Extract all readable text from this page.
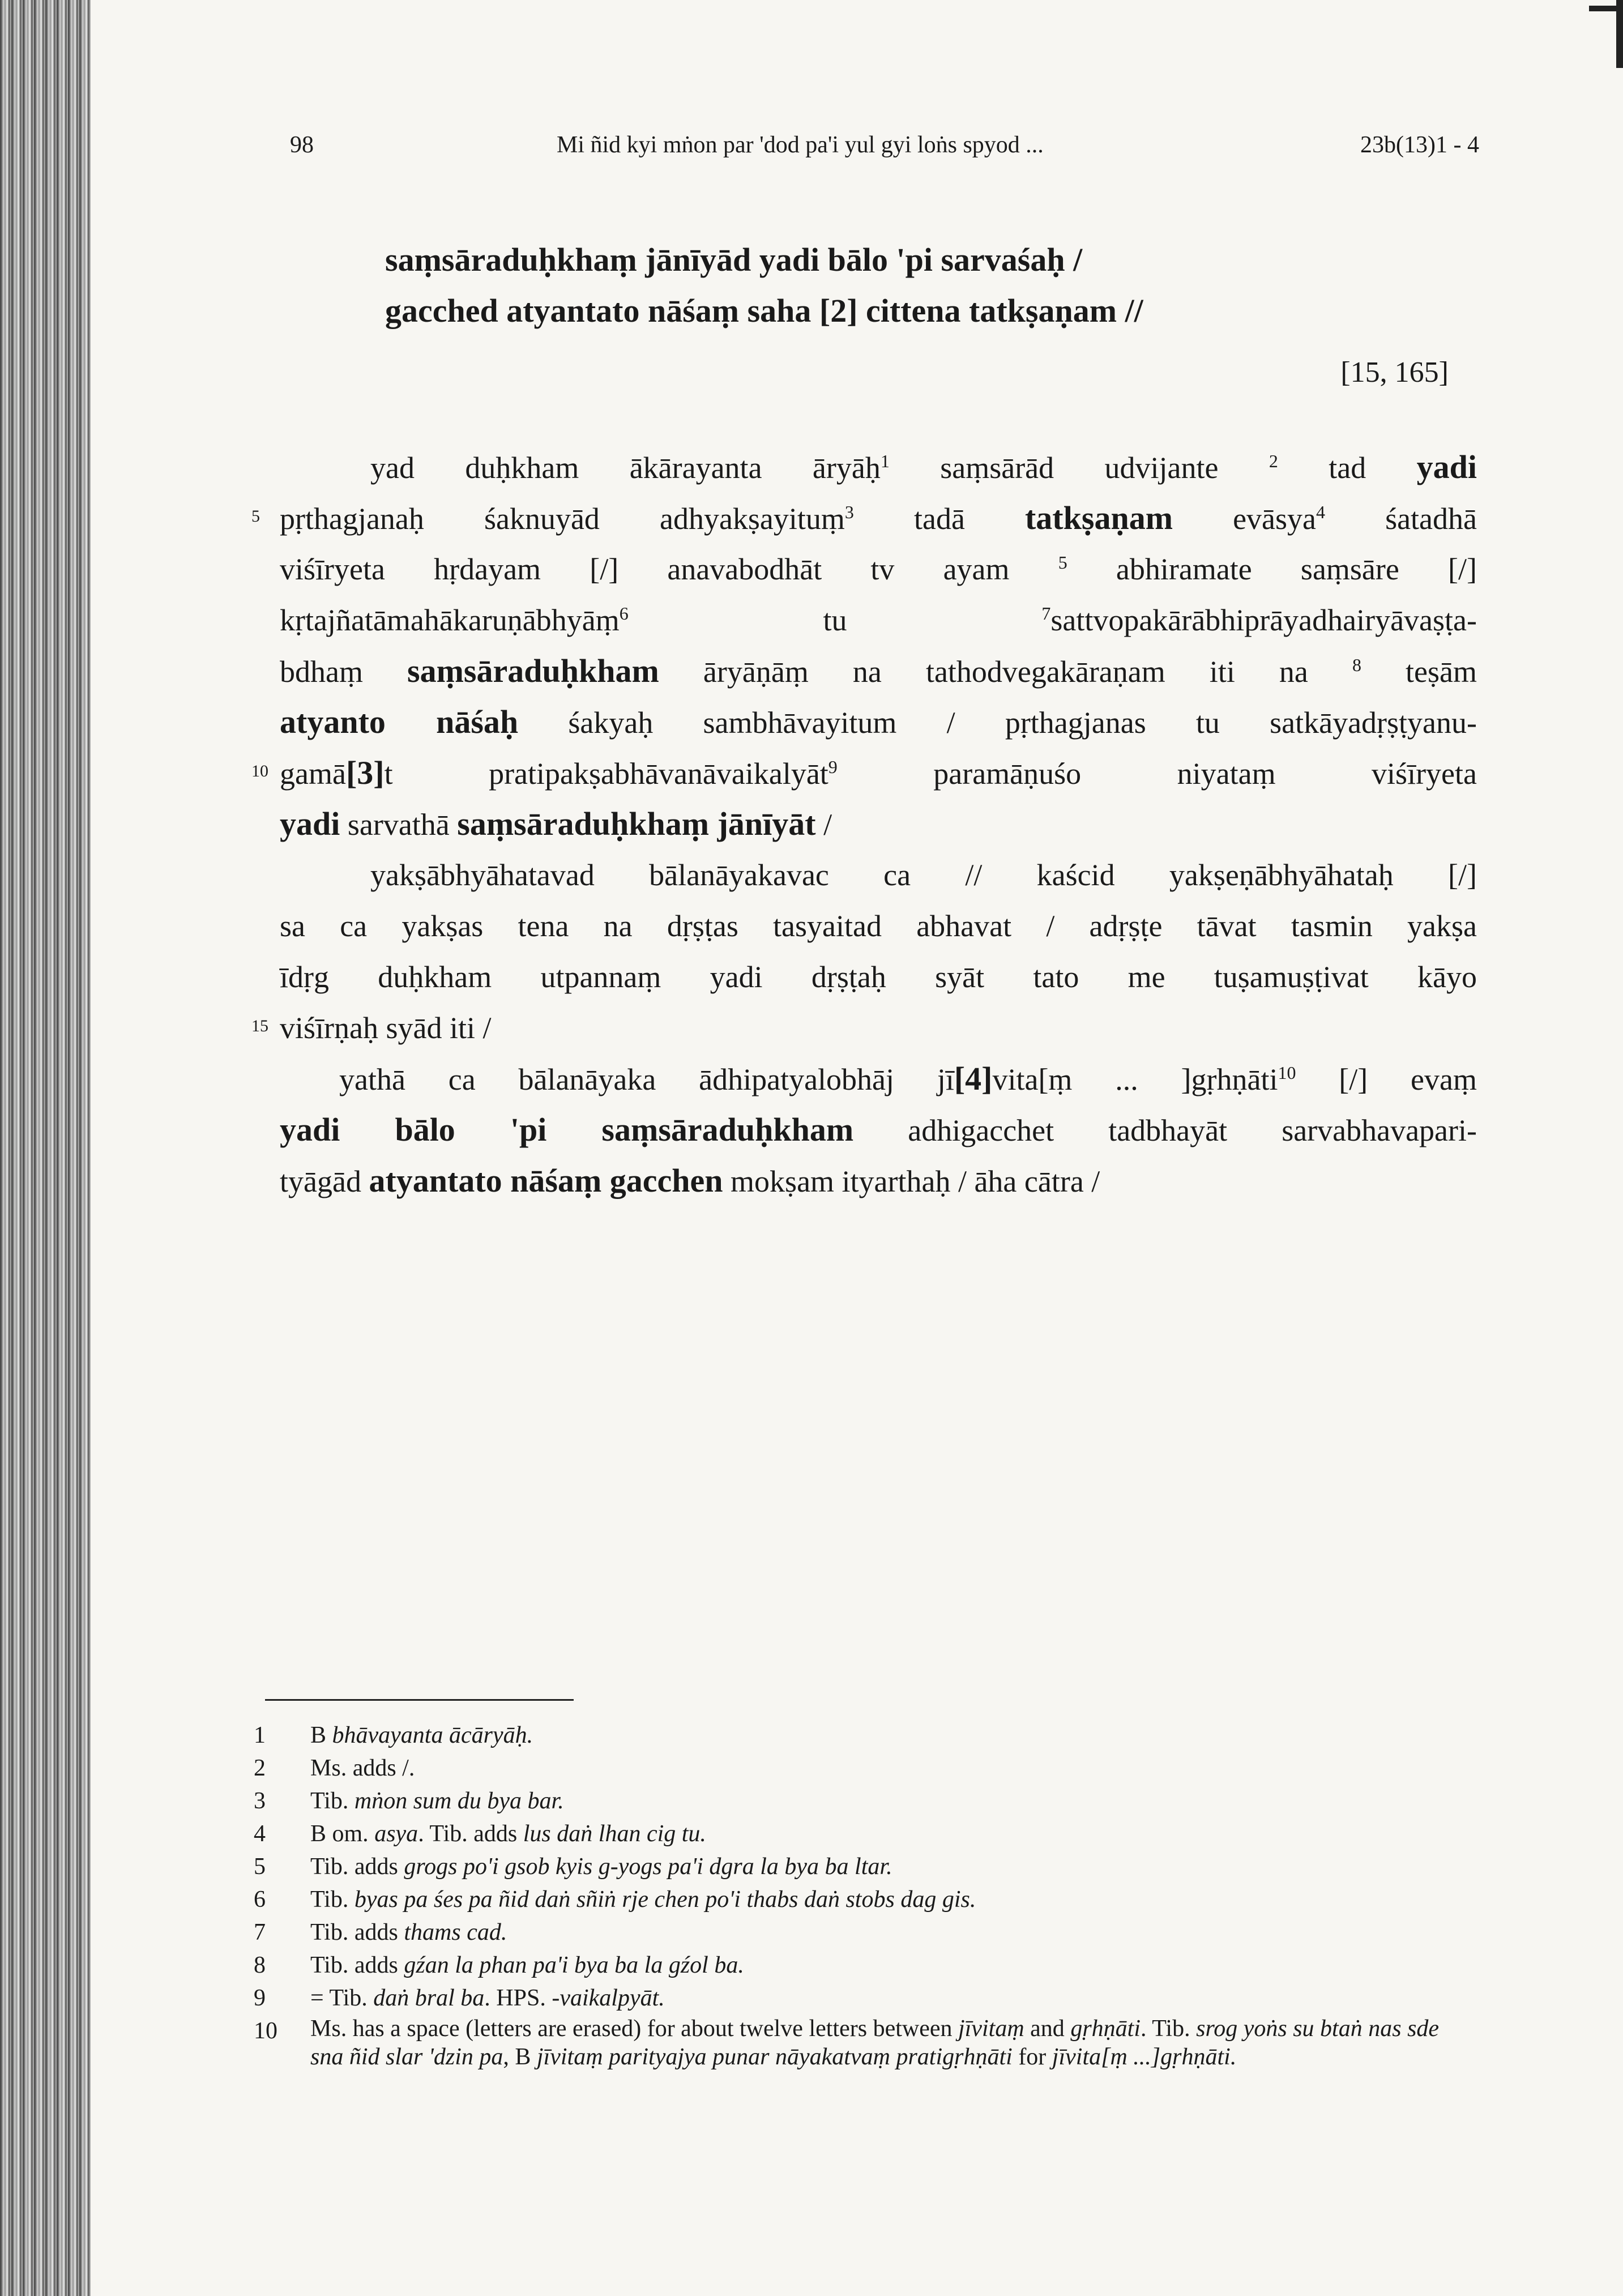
98	Mi ñid kyi mṅon par 'dod pa'i yul gyi loṅs spyod ...	23b(13)1 - 4
saṃsāraduḥkhaṃ jānīyād yadi bālo 'pi sarvaśaḥ /
gacched atyantato nāśaṃ saha [2] cittena tatkṣaṇam //
[15, 165]
5
10
15
yad duḥkham ākārayanta āryāḥ$^1$ saṃsārād udvijante $^2$ tad yadi
pṛthagjanaḥ śaknuyād adhyakṣayituṃ$^3$ tadā tatkṣaṇam evāsya$^4$ śatadhā
viśīryeta hṛdayam [/] anavabodhāt tv ayam $^5$ abhiramate saṃsāre [/]
kṛtajñatāmahākaruṇābhyāṃ$^6$ tu $^7$sattvopakārābhiprāyadhairyāvaṣṭa-
bdhaṃ saṃsāraduḥkham āryāṇāṃ na tathodvegakāraṇam iti na $^8$ teṣām
atyanto nāśaḥ śakyaḥ sambhāvayitum / pṛthagjanas tu satkāyadṛṣṭyanu-
gamā[3]t pratipakṣabhāvanāvaikalyāt$^9$ paramāṇuśo niyataṃ viśīryeta
yadi sarvathā saṃsāraduḥkhaṃ jānīyāt /
yakṣābhyāhatavad bālanāyakavac ca // kaścid yakṣeṇābhyāhataḥ [/]
sa ca yakṣas tena na dṛṣṭas tasyaitad abhavat / adṛṣṭe tāvat tasmin yakṣa
īdṛg duḥkham utpannaṃ yadi dṛṣṭaḥ syāt tato me tuṣamuṣṭivat kāyo
viśīrṇaḥ syād iti /
yathā ca bālanāyaka ādhipatyalobhāj jī[4]vita[ṃ ... ]gṛhṇāti$^{10}$ [/] evaṃ
yadi bālo 'pi saṃsāraduḥkham adhigacchet tadbhayāt sarvabhavapari-
tyāgād atyantato nāśaṃ gacchen mokṣam ityarthaḥ / āha cātra /
1	B bhāvayanta ācāryāḥ.
2	Ms. adds /.
3	Tib. mṅon sum du bya bar.
4	B om. asya. Tib. adds lus daṅ lhan cig tu.
5	Tib. adds grogs po'i gsob kyis g-yogs pa'i dgra la bya ba ltar.
6	Tib. byas pa śes pa ñid daṅ sñiṅ rje chen po'i thabs daṅ stobs dag gis.
7	Tib. adds thams cad.
8	Tib. adds gźan la phan pa'i bya ba la gźol ba.
9	= Tib. daṅ bral ba. HPS. -vaikalpyāt.
10	Ms. has a space (letters are erased) for about twelve letters between jīvitaṃ and gṛhṇāti. Tib. srog yoṅs su btaṅ nas sde sna ñid slar 'dzin pa, B jīvitaṃ parityajya punar nāyakatvaṃ pratigṛhṇāti for jīvita[ṃ ...]gṛhṇāti.
